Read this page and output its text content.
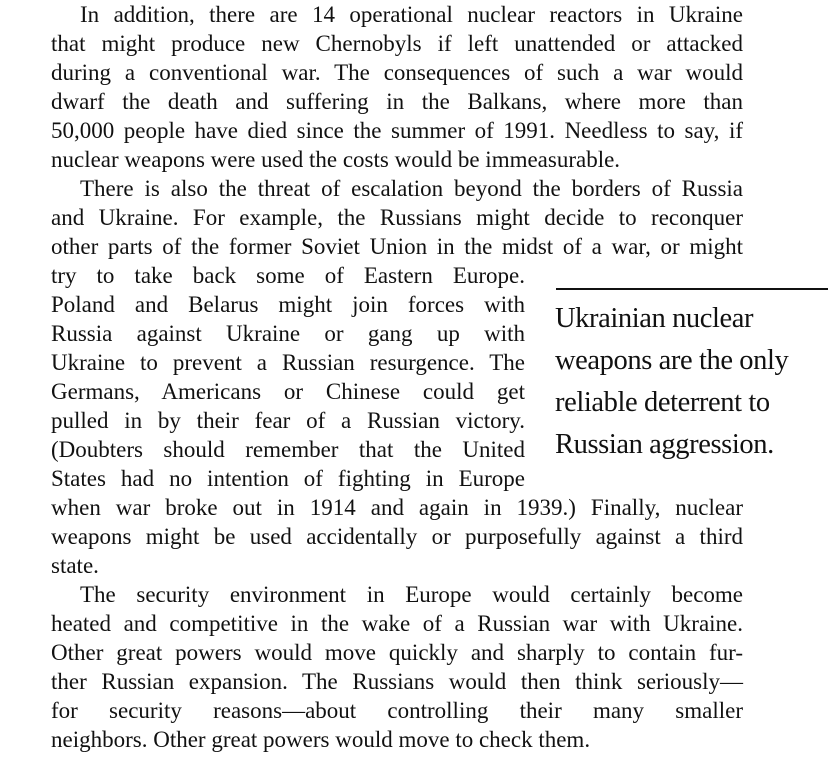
In addition, there are 14 operational nuclear reactors in Ukraine
that might produce new Chernobyls if left unattended or attacked
during a conventional war. The consequences of such a war would
dwarf the death and suffering in the Balkans, where more than
50,000 people have died since the summer of 1991. Needless to say, if
nuclear weapons were used the costs would be immeasurable.
There is also the threat of escalation beyond the borders of Russia
and Ukraine. For example, the Russians might decide to reconquer
other parts of the former Soviet Union in the midst of a war, or might
try to take back some of Eastern Europe.
Poland and Belarus might join forces with
Russia against Ukraine or gang up with
Ukraine to prevent a Russian resurgence. The
Germans, Americans or Chinese could get
pulled in by their fear of a Russian victory.
(Doubters should remember that the United
States had no intention of fighting in Europe
when war broke out in 1914 and again in 1939.) Finally, nuclear
weapons might be used accidentally or purposefully against a third
state.
The security environment in Europe would certainly become
heated and competitive in the wake of a Russian war with Ukraine.
Other great powers would move quickly and sharply to contain fur-
ther Russian expansion. The Russians would then think seriously—
for security reasons—about controlling their many smaller
neighbors. Other great powers would move to check them.
Ukrainian nuclear
weapons are the only
reliable deterrent to
Russian aggression.
